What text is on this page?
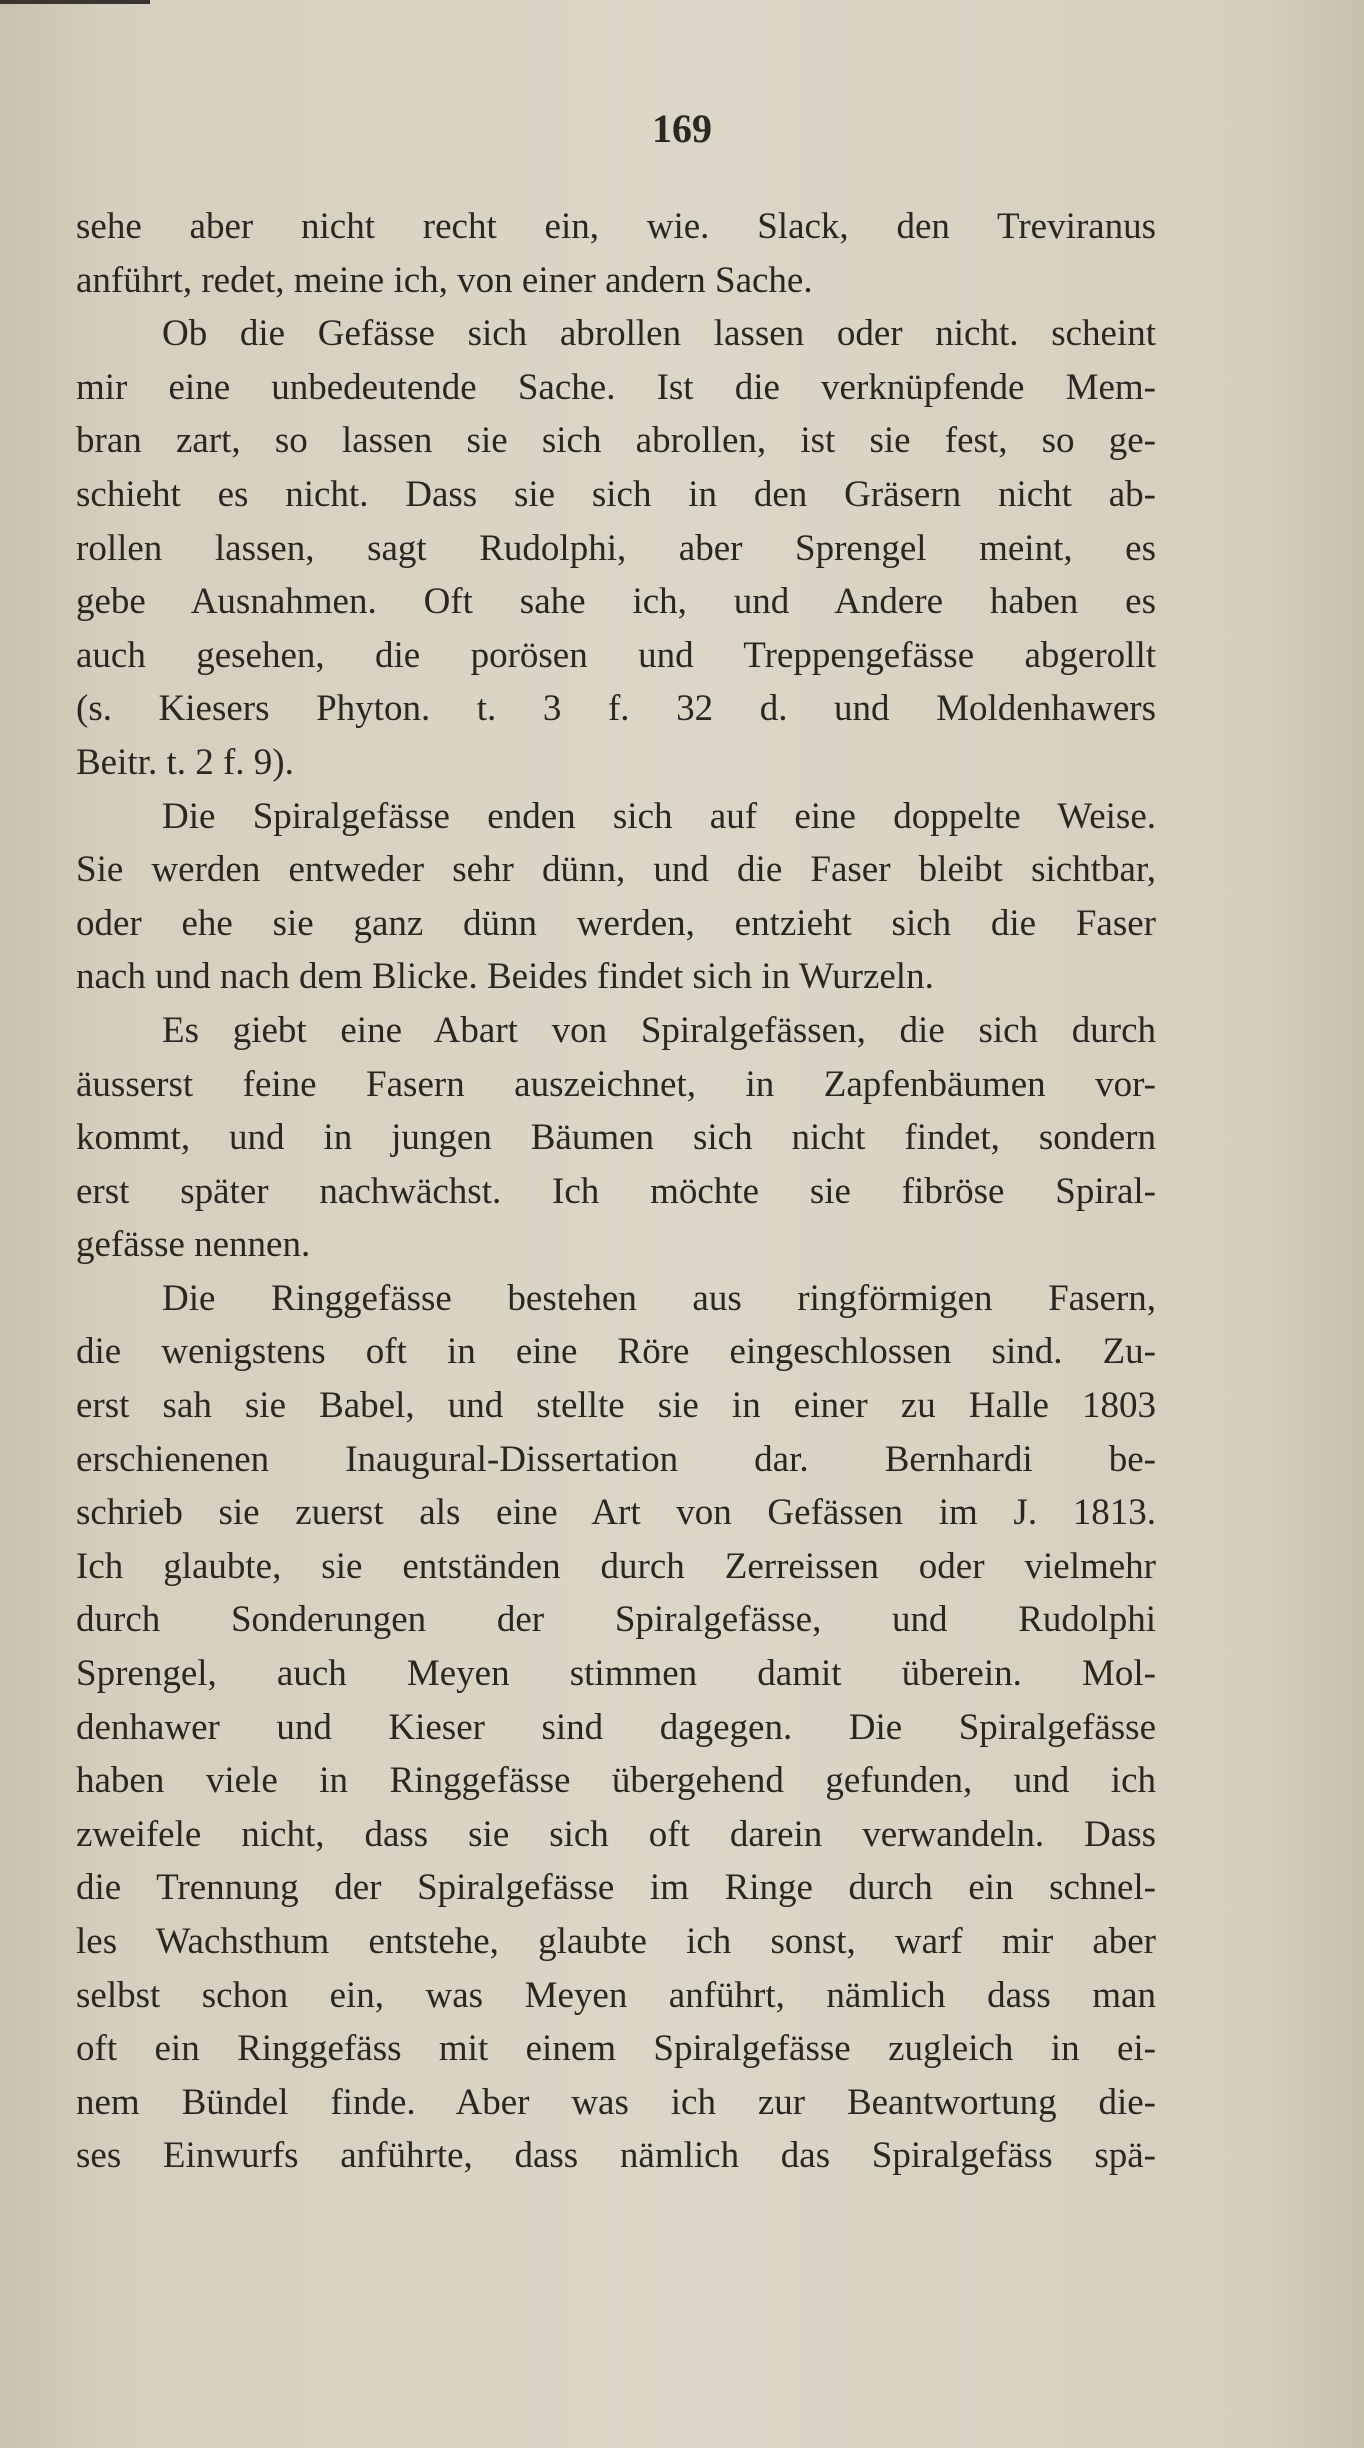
169
sehe aber nicht recht ein, wie. Slack, den Treviranus
anführt, redet, meine ich, von einer andern Sache.
Ob die Gefässe sich abrollen lassen oder nicht. scheint
mir eine unbedeutende Sache. Ist die verknüpfende Mem-
bran zart, so lassen sie sich abrollen, ist sie fest, so ge-
schieht es nicht. Dass sie sich in den Gräsern nicht ab-
rollen lassen, sagt Rudolphi, aber Sprengel meint, es
gebe Ausnahmen. Oft sahe ich, und Andere haben es
auch gesehen, die porösen und Treppengefässe abgerollt
(s. Kiesers Phyton. t. 3 f. 32 d. und Moldenhawers
Beitr. t. 2 f. 9).
Die Spiralgefässe enden sich auf eine doppelte Weise.
Sie werden entweder sehr dünn, und die Faser bleibt sichtbar,
oder ehe sie ganz dünn werden, entzieht sich die Faser
nach und nach dem Blicke. Beides findet sich in Wurzeln.
Es giebt eine Abart von Spiralgefässen, die sich durch
äusserst feine Fasern auszeichnet, in Zapfenbäumen vor-
kommt, und in jungen Bäumen sich nicht findet, sondern
erst später nachwächst. Ich möchte sie fibröse Spiral-
gefässe nennen.
Die Ringgefässe bestehen aus ringförmigen Fasern,
die wenigstens oft in eine Röre eingeschlossen sind. Zu-
erst sah sie Babel, und stellte sie in einer zu Halle 1803
erschienenen Inaugural-Dissertation dar. Bernhardi be-
schrieb sie zuerst als eine Art von Gefässen im J. 1813.
Ich glaubte, sie entständen durch Zerreissen oder vielmehr
durch Sonderungen der Spiralgefässe, und Rudolphi
Sprengel, auch Meyen stimmen damit überein. Mol-
denhawer und Kieser sind dagegen. Die Spiralgefässe
haben viele in Ringgefässe übergehend gefunden, und ich
zweifele nicht, dass sie sich oft darein verwandeln. Dass
die Trennung der Spiralgefässe im Ringe durch ein schnel-
les Wachsthum entstehe, glaubte ich sonst, warf mir aber
selbst schon ein, was Meyen anführt, nämlich dass man
oft ein Ringgefäss mit einem Spiralgefässe zugleich in ei-
nem Bündel finde. Aber was ich zur Beantwortung die-
ses Einwurfs anführte, dass nämlich das Spiralgefäss spä-
